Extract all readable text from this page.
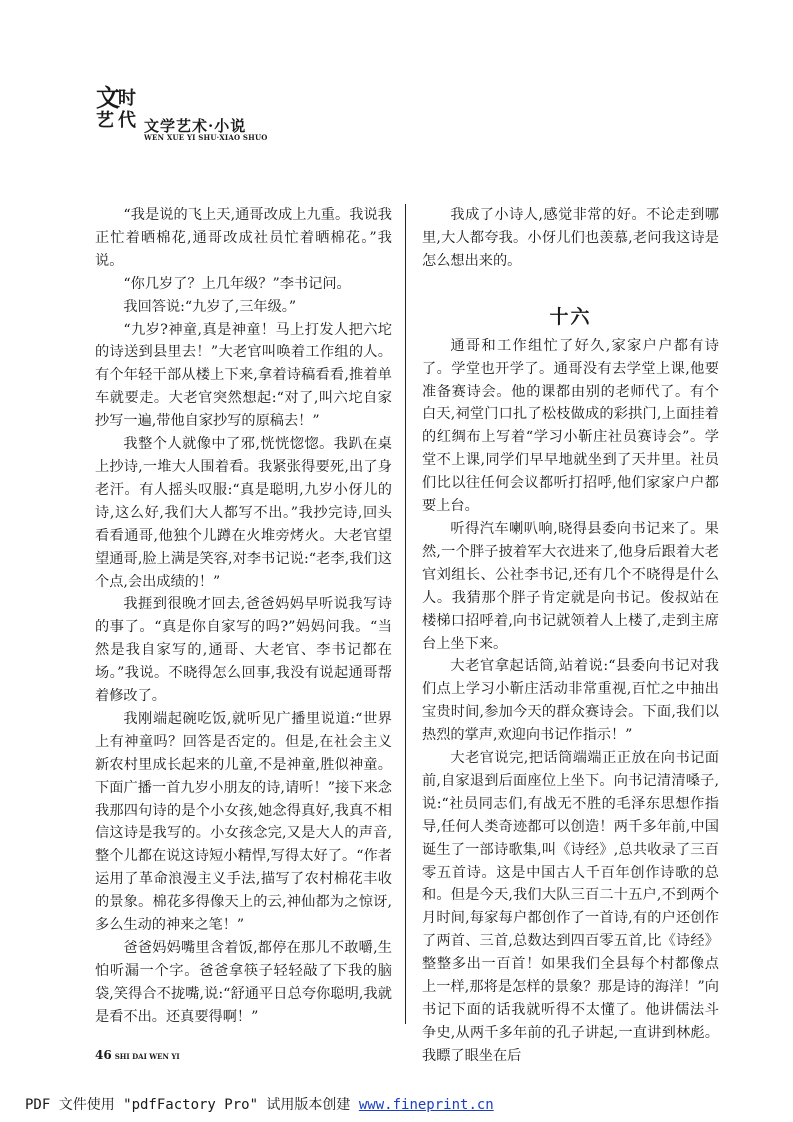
文
时
艺 代 文学艺术·小说
WEN XUE YI SHU·XIAO SHUO

“我是说的飞上天,通哥改成上九重。我说我正忙着晒棉花,通哥改成社员忙着晒棉花。”我说。

“你几岁了？上几年级？”李书记问。

我回答说:“九岁了,三年级。”

“九岁?神童,真是神童！马上打发人把六坨的诗送到县里去！”大老官叫唤着工作组的人。有个年轻干部从楼上下来,拿着诗稿看看,推着单车就要走。大老官突然想起:“对了,叫六坨自家抄写一遍,带他自家抄写的原稿去！”

我整个人就像中了邪,恍恍惚惚。我趴在桌上抄诗,一堆大人围着看。我紧张得要死,出了身老汗。有人摇头叹服:“真是聪明,九岁小伢儿的诗,这么好,我们大人都写不出。”我抄完诗,回头看看通哥,他独个儿蹲在火堆旁烤火。大老官望望通哥,脸上满是笑容,对李书记说:“老李,我们这个点,会出成绩的！”

我捱到很晚才回去,爸爸妈妈早听说我写诗的事了。“真是你自家写的吗?”妈妈问我。“当然是我自家写的,通哥、大老官、李书记都在场。”我说。不晓得怎么回事,我没有说起通哥帮着修改了。

我刚端起碗吃饭,就听见广播里说道:“世界上有神童吗？回答是否定的。但是,在社会主义新农村里成长起来的儿童,不是神童,胜似神童。下面广播一首九岁小朋友的诗,请听！”接下来念我那四句诗的是个小女孩,她念得真好,我真不相信这诗是我写的。小女孩念完,又是大人的声音,整个儿都在说这诗短小精悍,写得太好了。“作者运用了革命浪漫主义手法,描写了农村棉花丰收的景象。棉花多得像天上的云,神仙都为之惊讶,多么生动的神来之笔！”

爸爸妈妈嘴里含着饭,都停在那儿不敢嚼,生怕听漏一个字。爸爸拿筷子轻轻敲了下我的脑袋,笑得合不拢嘴,说:“舒通平日总夸你聪明,我就是看不出。还真要得啊！”

我成了小诗人,感觉非常的好。不论走到哪里,大人都夸我。小伢儿们也羡慕,老问我这诗是怎么想出来的。

十六

通哥和工作组忙了好久,家家户户都有诗了。学堂也开学了。通哥没有去学堂上课,他要准备赛诗会。他的课都由别的老师代了。有个白天,祠堂门口扎了松枝做成的彩拱门,上面挂着的红绸布上写着“学习小靳庄社员赛诗会”。学堂不上课,同学们早早地就坐到了天井里。社员们比以往任何会议都听打招呼,他们家家户户都要上台。

听得汽车喇叭响,晓得县委向书记来了。果然,一个胖子披着军大衣进来了,他身后跟着大老官刘组长、公社李书记,还有几个不晓得是什么人。我猜那个胖子肯定就是向书记。俊叔站在楼梯口招呼着,向书记就领着人上楼了,走到主席台上坐下来。

大老官拿起话筒,站着说:“县委向书记对我们点上学习小靳庄活动非常重视,百忙之中抽出宝贵时间,参加今天的群众赛诗会。下面,我们以热烈的掌声,欢迎向书记作指示！”

大老官说完,把话筒端端正正放在向书记面前,自家退到后面座位上坐下。向书记清清嗓子,说:“社员同志们,有战无不胜的毛泽东思想作指导,任何人类奇迹都可以创造！两千多年前,中国诞生了一部诗歌集,叫《诗经》,总共收录了三百零五首诗。这是中国古人千百年创作诗歌的总和。但是今天,我们大队三百二十五户,不到两个月时间,每家每户都创作了一首诗,有的户还创作了两首、三首,总数达到四百零五首,比《诗经》整整多出一百首！如果我们全县每个村都像点上一样,那将是怎样的景象？那是诗的海洋！”向书记下面的话我就听得不太懂了。他讲儒法斗争史,从两千多年前的孔子讲起,一直讲到林彪。我瞟了眼坐在后

46 SHI DAI WEN YI
PDF 文件使用 "pdfFactory Pro" 试用版本创建 www.fineprint.cn
